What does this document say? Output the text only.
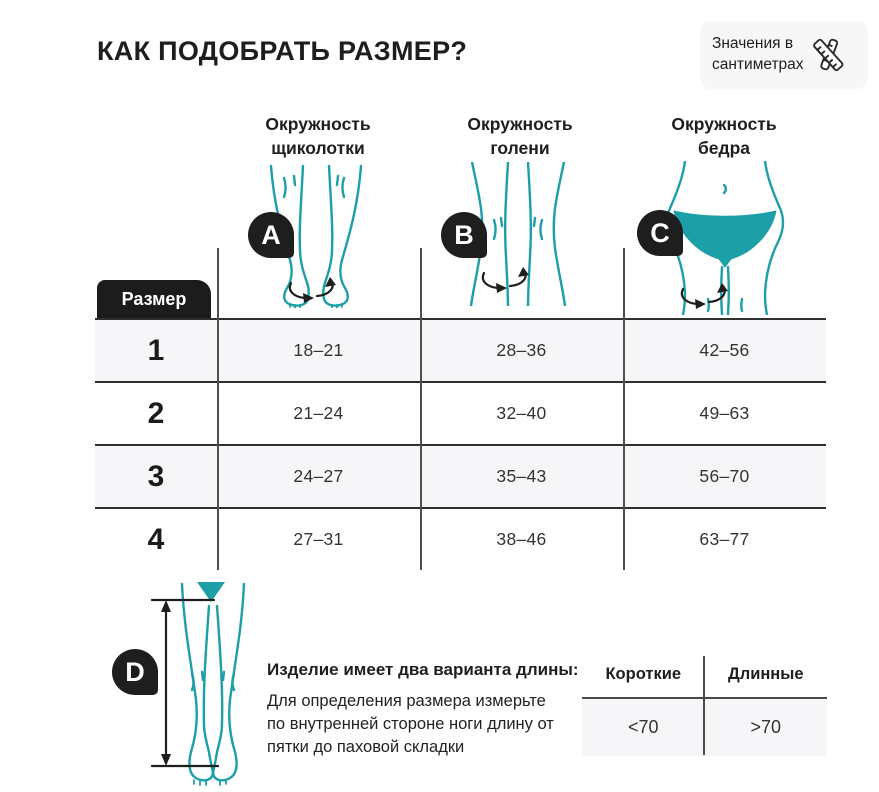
КАК ПОДОБРАТЬ РАЗМЕР?	Значения в
сантиметрах
Окружность
щиколотки
Окружность
голени
Окружность
бедра
A	B	C
Размер
1	18–21	28–36	42–56
2	21–24	32–40	49–63
3	24–27	35–43	56–70
4	27–31	38–46	63–77
D	Изделие имеет два варианта длины:
Для определения размера измерьте по внутренней стороне ноги длину от пятки до паховой складки
Короткие	Длинные
<70	>70
